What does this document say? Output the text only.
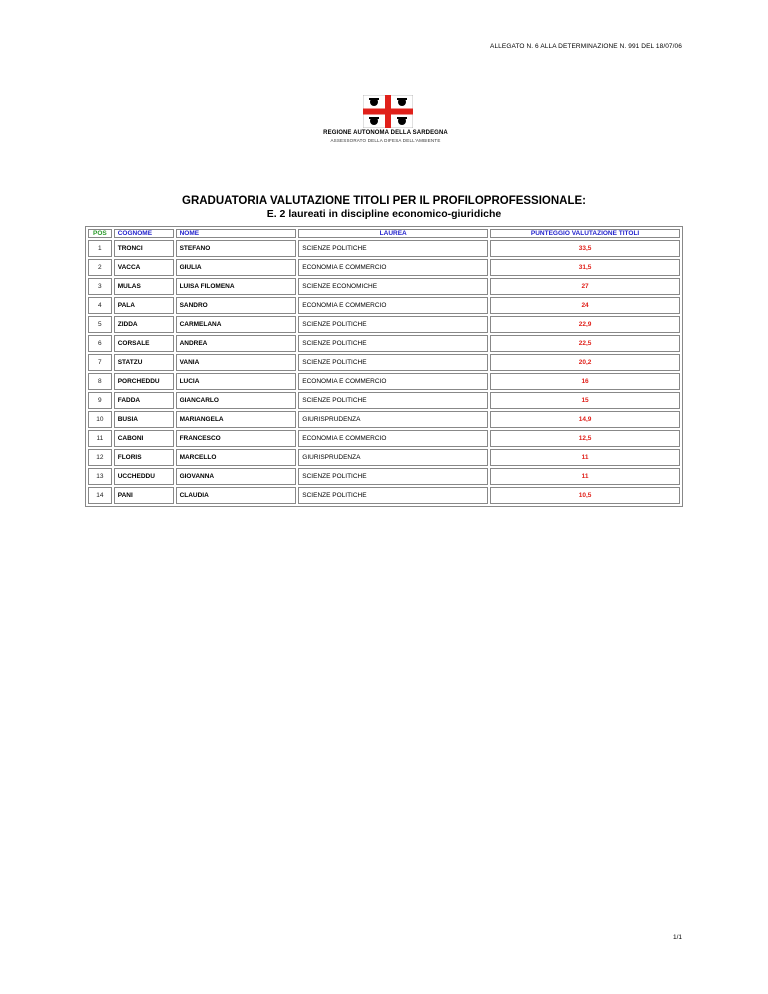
ALLEGATO N. 6 ALLA DETERMINAZIONE N. 991 DEL 18/07/06
REGIONE AUTONOMA DELLA SARDEGNA
ASSESSORATO DELLA DIFESA DELL'AMBIENTE
GRADUATORIA VALUTAZIONE TITOLI PER IL PROFILOPROFESSIONALE:
E. 2 laureati in discipline economico-giuridiche
POS	COGNOME	NOME	LAUREA	PUNTEGGIO VALUTAZIONE TITOLI
1	TRONCI	STEFANO	SCIENZE POLITICHE	33,5
2	VACCA	GIULIA	ECONOMIA E COMMERCIO	31,5
3	MULAS	LUISA FILOMENA	SCIENZE ECONOMICHE	27
4	PALA	SANDRO	ECONOMIA E COMMERCIO	24
5	ZIDDA	CARMELANA	SCIENZE POLITICHE	22,9
6	CORSALE	ANDREA	SCIENZE POLITICHE	22,5
7	STATZU	VANIA	SCIENZE POLITICHE	20,2
8	PORCHEDDU	LUCIA	ECONOMIA E COMMERCIO	16
9	FADDA	GIANCARLO	SCIENZE POLITICHE	15
10	BUSIA	MARIANGELA	GIURISPRUDENZA	14,9
11	CABONI	FRANCESCO	ECONOMIA E COMMERCIO	12,5
12	FLORIS	MARCELLO	GIURISPRUDENZA	11
13	UCCHEDDU	GIOVANNA	SCIENZE POLITICHE	11
14	PANI	CLAUDIA	SCIENZE POLITICHE	10,5
1/1
